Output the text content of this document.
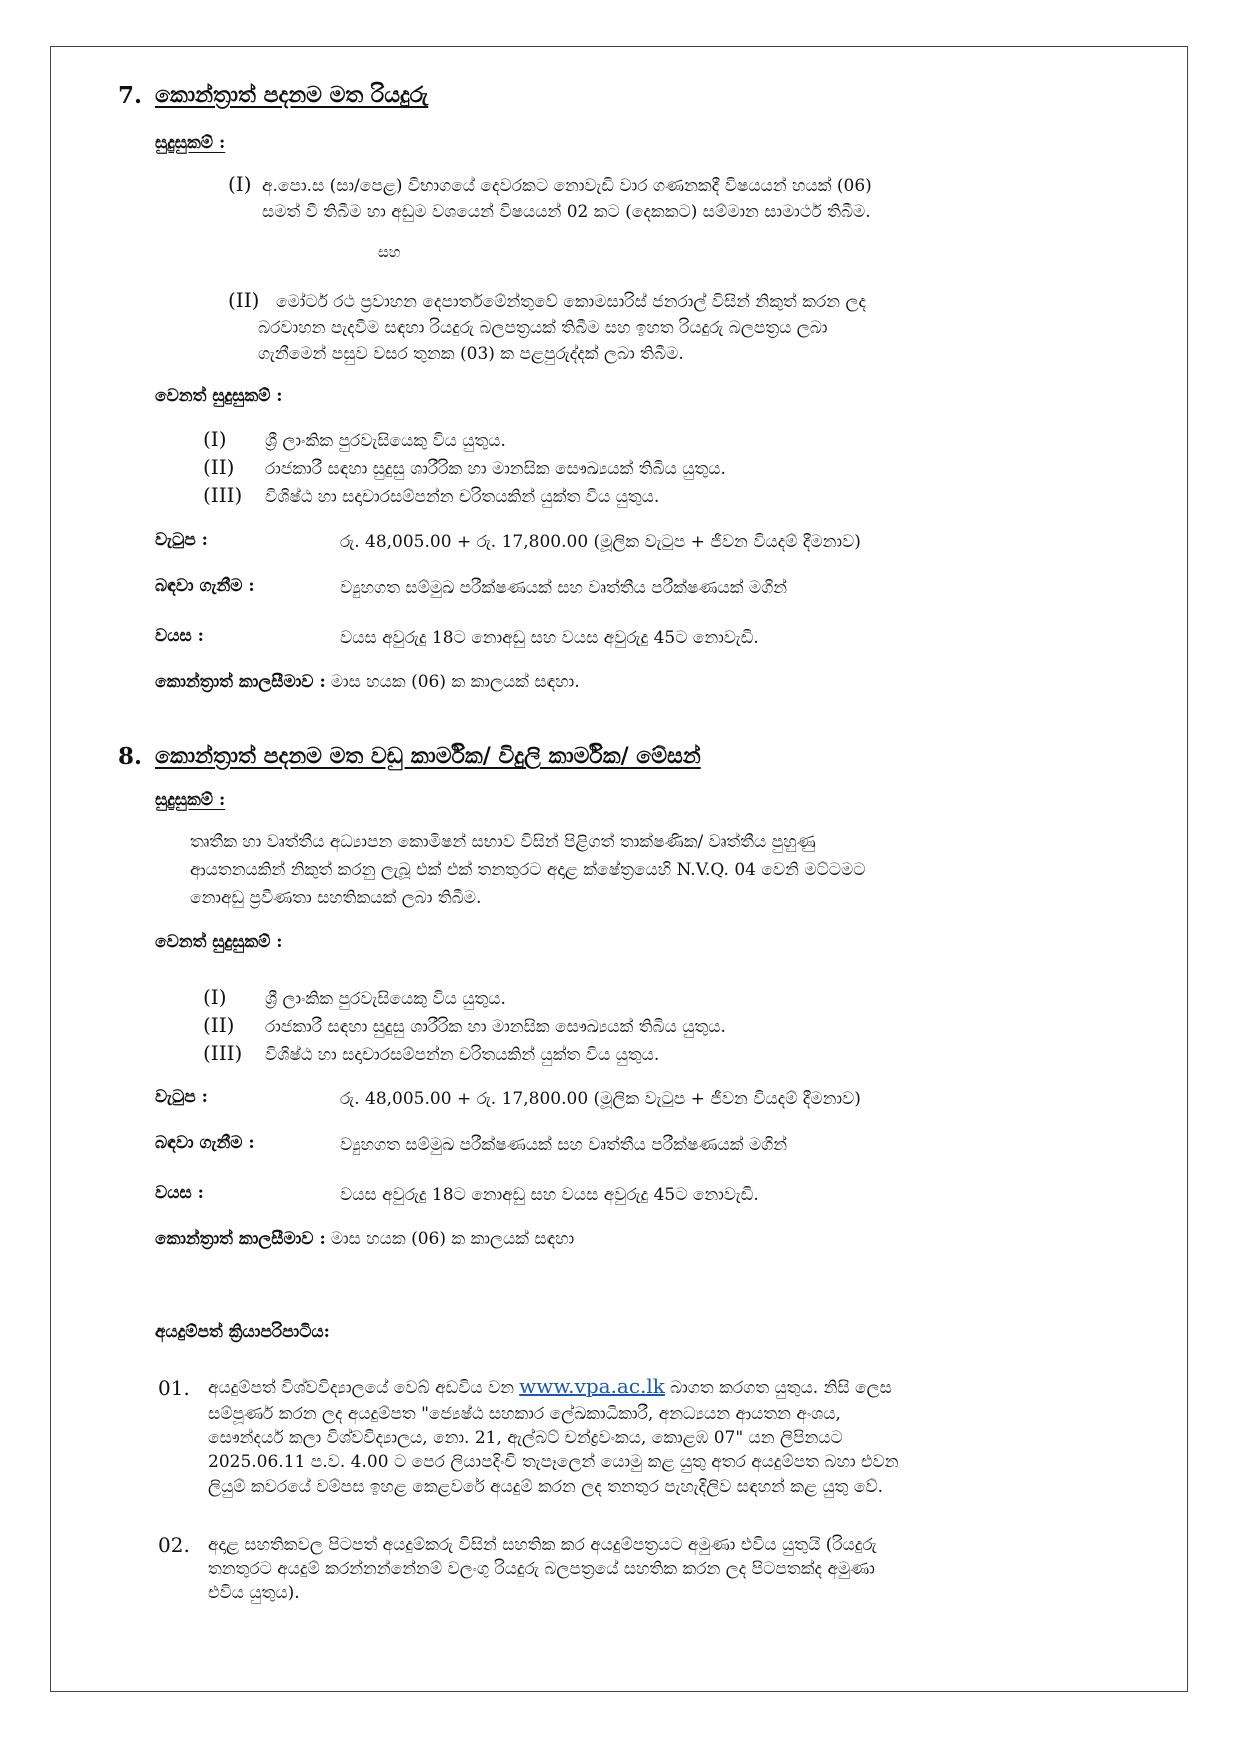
7. කොන්ත්‍රාත් පදනම මත රියදුරු
සුදුසුකම් :
(I) අ.පො.ස (සා/පෙළ) විභාගයේ දෙවරකට නොවැඩි වාර ගණනකදී විෂයයන් හයක් (06)
සමත් වී තිබීම හා අඩුම වශයෙන් විෂයයන් 02 කට (දෙකකට) සම්මාන සාමාර්ථ තිබීම.
සහ
(II) මෝටර් රථ ප්‍රවාහන දෙපාර්තමේන්තුවේ කොමසාරිස් ජනරාල් විසින් නිකුත් කරන ලද
බරවාහන පැදවීම සඳහා රියදුරු බලපත්‍රයක් තිබීම සහ ඉහත රියදුරු බලපත්‍රය ලබා
ගැනීමෙන් පසුව වසර තුනක (03) ක පළපුරුද්දක් ලබා තිබීම.
වෙනත් සුදුසුකම් :
(I) ශ්‍රී ලාංකික පුරවැසියෙකු විය යුතුය.
(II) රාජකාරී සඳහා සුදුසු ශාරීරික හා මානසික සෞඛ්‍යයක් තිබිය යුතුය.
(III) විශිෂ්ඨ හා සදාචාරසම්පන්න චරිතයකින් යුක්ත විය යුතුය.
වැටුප :	රු. 48,005.00 + රු. 17,800.00 (මූලික වැටුප + ජීවන වියදම් දීමනාව)
බඳවා ගැනීම :	ව්‍යුහගත සම්මුඛ පරීක්ෂණයක් සහ වෘත්තීය පරීක්ෂණයක් මගින්
වයස :	වයස අවුරුදු 18ට නොඅඩු සහ වයස අවුරුදු 45ට නොවැඩි.
කොන්ත්‍රාත් කාලසීමාව : මාස හයක (06) ක කාලයක් සඳහා.
8. කොන්ත්‍රාත් පදනම මත වඩු කාර්මික/ විදුලි කාර්මික/ මේසන්
සුදුසුකම් :
තෘතීක හා වෘත්තීය අධ්‍යාපන කොමිෂන් සභාව විසින් පිළිගත් තාක්ෂණික/ වෘත්තීය පුහුණු
ආයතනයකින් නිකුත් කරනු ලැබූ එක් එක් තනතුරට අදාළ ක්ෂේත්‍රයෙහි N.V.Q. 04 වෙනි මට්ටමට
නොඅඩු ප්‍රවීණතා සහතිකයක් ලබා තිබීම.
වෙනත් සුදුසුකම් :
(I) ශ්‍රී ලාංකික පුරවැසියෙකු විය යුතුය.
(II) රාජකාරී සඳහා සුදුසු ශාරීරික හා මානසික සෞඛ්‍යයක් තිබිය යුතුය.
(III) විශිෂ්ඨ හා සදාචාරසම්පන්න චරිතයකින් යුක්ත විය යුතුය.
වැටුප :	රු. 48,005.00 + රු. 17,800.00 (මූලික වැටුප + ජීවන වියදම් දීමනාව)
බඳවා ගැනීම :	ව්‍යුහගත සම්මුඛ පරීක්ෂණයක් සහ වෘත්තීය පරීක්ෂණයක් මගින්
වයස :	වයස අවුරුදු 18ට නොඅඩු සහ වයස අවුරුදු 45ට නොවැඩි.
කොන්ත්‍රාත් කාලසීමාව : මාස හයක (06) ක කාලයක් සඳහා
අයදුම්පත් ක්‍රියාපරිපාටිය:
01. අයදුම්පත් විශ්වවිද්‍යාලයේ වෙබ් අඩවිය වන www.vpa.ac.lk බාගත කරගත යුතුය. නිසි ලෙස
සම්පූර්ණ කරන ලද අයදුම්පත "ජ්‍යෙෂ්ඨ සහකාර ලේඛකාධිකාරී, අනධ්‍යයන ආයතන අංශය,
සෞන්දර්ය කලා විශ්වවිද්‍යාලය, නො. 21, ඇල්බට් චන්ද්‍රවංකය, කොළඹ 07" යන ලිපිනයට
2025.06.11 ප.ව. 4.00 ට පෙර ලියාපදිංචි තැපෑලෙන් යොමු කළ යුතු අතර අයදුම්පත බහා එවන
ලියුම් කවරයේ වම්පස ඉහළ කෙළවරේ අයදුම් කරන ලද තනතුර පැහැදිලිව සඳහන් කළ යුතු වේ.
02. අදාළ සහතිකවල පිටපත් අයදුම්කරු විසින් සහතික කර අයදුම්පත්‍රයට අමුණා එවිය යුතුයි (රියදුරු
තනතුරට අයදුම් කරන්නන්නේනම් වලංගු රියදුරු බලපත්‍රයේ සහතික කරන ලද පිටපතක්ද අමුණා
එවිය යුතුය).
